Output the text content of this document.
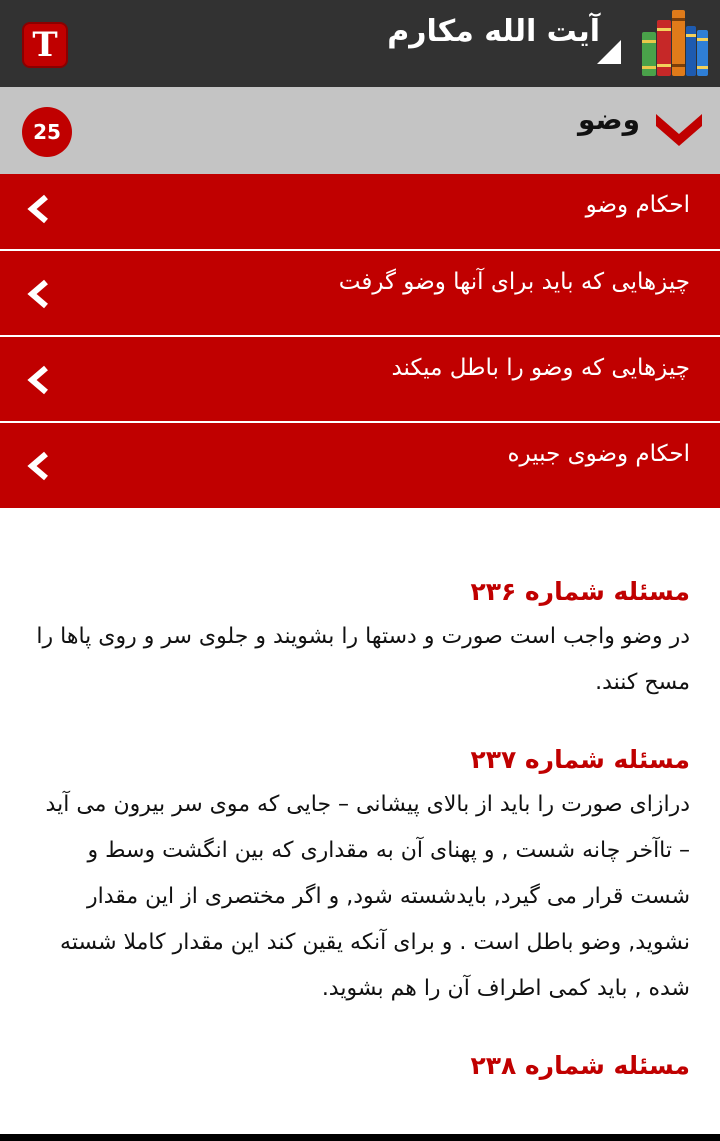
T	آیت الله مکارم
وضو
25
احکام وضو
چیزهایی که باید برای آنها وضو گرفت
چیزهایی که وضو را باطل میکند
احکام وضوی جبیره
مسئله شماره ۲۳۶

در وضو واجب است صورت و دستها را بشویند و جلوی سر و روی پاها را مسح کنند.

مسئله شماره ۲۳۷

درازای صورت را باید از بالای پیشانی – جایی که موی سر بیرون می آید – تاآخر چانه شست , و پهنای آن به مقداری که بین انگشت وسط و شست قرار می گیرد, بایدشسته شود, و اگر مختصری از این مقدار نشوید, وضو باطل است . و برای آنکه یقین کند این مقدار کاملا شسته شده , باید کمی اطراف آن را هم بشوید.

مسئله شماره ۲۳۸
